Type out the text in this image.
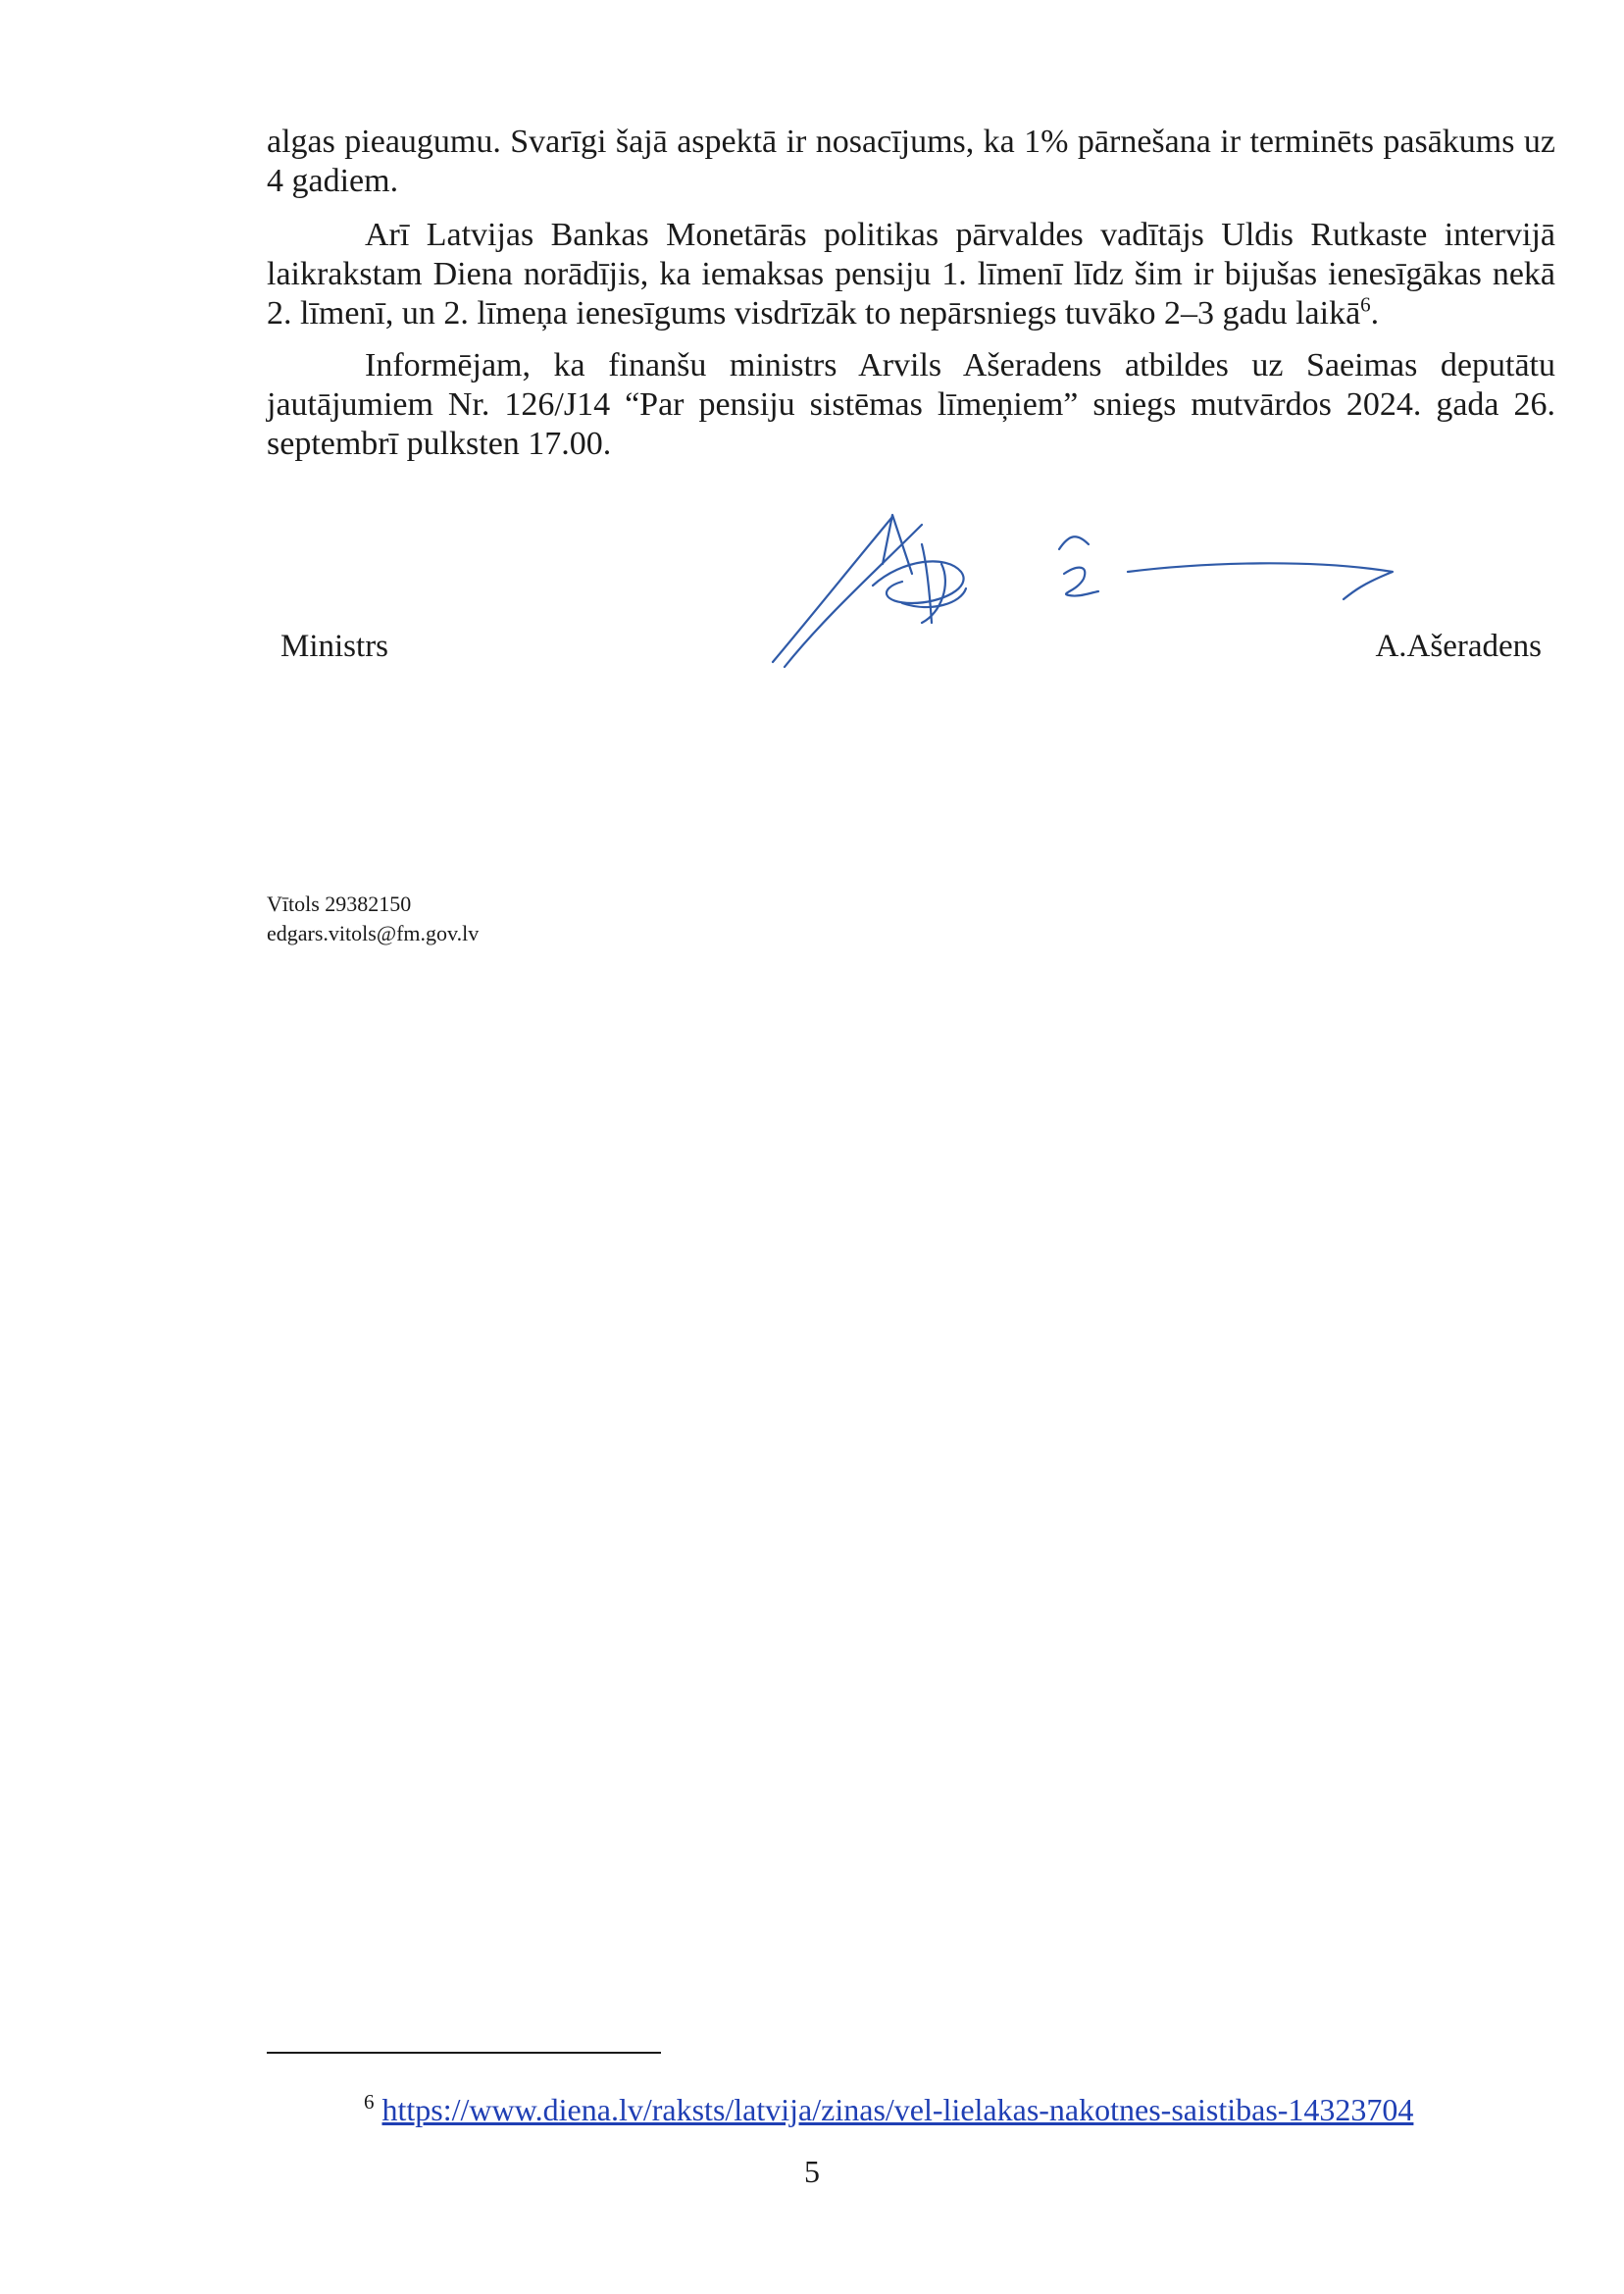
algas pieaugumu. Svarīgi šajā aspektā ir nosacījums, ka 1% pārnešana ir terminēts pasākums uz 4 gadiem.

Arī Latvijas Bankas Monetārās politikas pārvaldes vadītājs Uldis Rutkaste intervijā laikrakstam Diena norādījis, ka iemaksas pensiju 1. līmenī līdz šim ir bijušas ienesīgākas nekā 2. līmenī, un 2. līmeņa ienesīgums visdrīzāk to nepārsniegs tuvāko 2–3 gadu laikā$^6$.

Informējam, ka finanšu ministrs Arvils Ašeradens atbildes uz Saeimas deputātu jautājumiem Nr. 126/J14 “Par pensiju sistēmas līmeņiem” sniegs mutvārdos 2024. gada 26. septembrī pulksten 17.00.

Ministrs	A.Ašeradens

Vītols 29382150
edgars.vitols@fm.gov.lv

$^6$ https://www.diena.lv/raksts/latvija/zinas/vel-lielakas-nakotnes-saistibas-14323704

5
